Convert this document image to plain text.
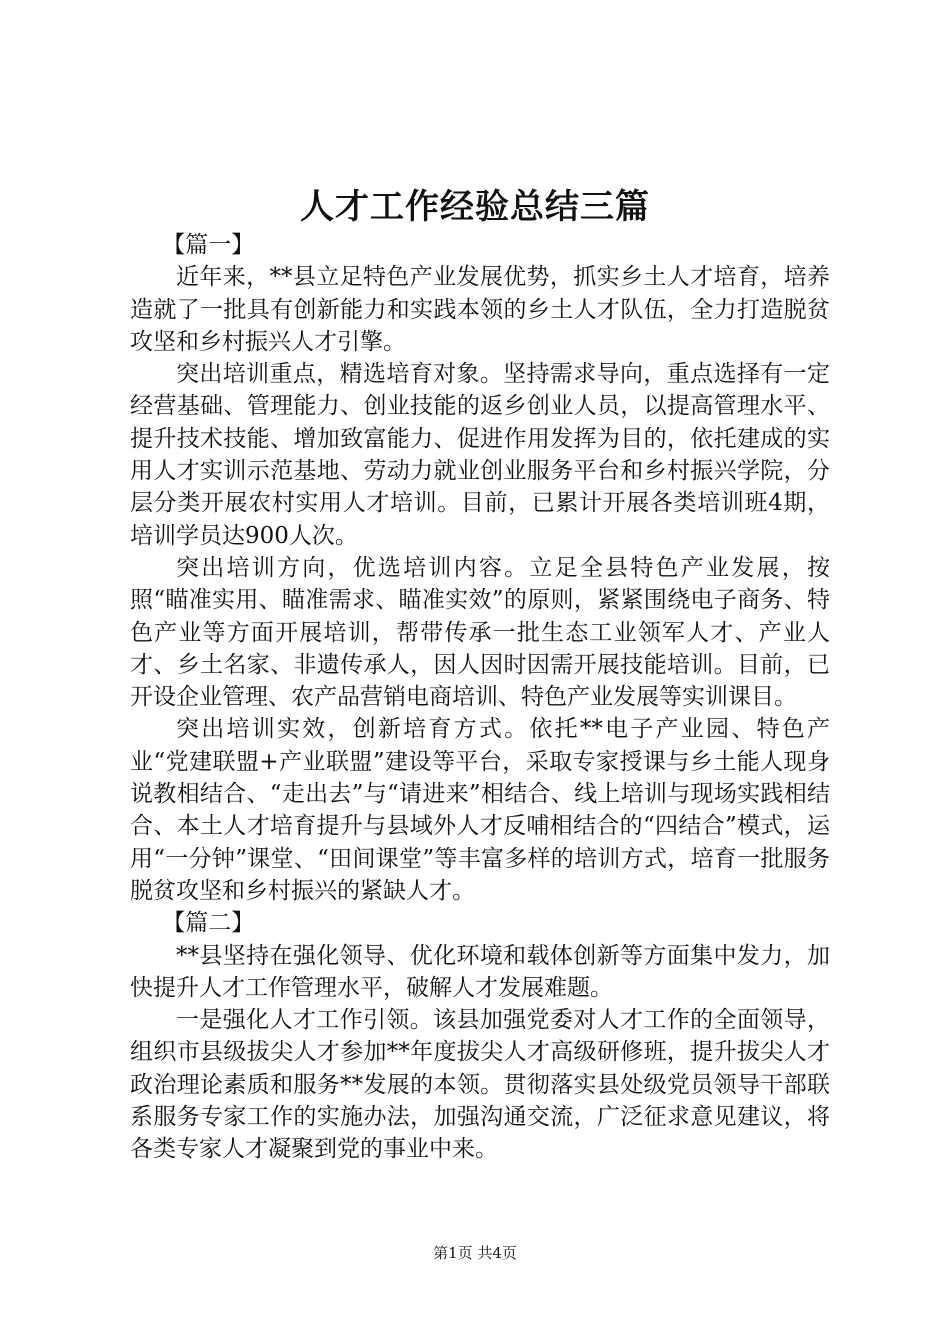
人才工作经验总结三篇

【篇一】

近年来，**县立足特色产业发展优势，抓实乡土人才培育，培养造就了一批具有创新能力和实践本领的乡土人才队伍，全力打造脱贫攻坚和乡村振兴人才引擎。

突出培训重点，精选培育对象。坚持需求导向，重点选择有一定经营基础、管理能力、创业技能的返乡创业人员，以提高管理水平、提升技术技能、增加致富能力、促进作用发挥为目的，依托建成的实用人才实训示范基地、劳动力就业创业服务平台和乡村振兴学院，分层分类开展农村实用人才培训。目前，已累计开展各类培训班4期，培训学员达900人次。

突出培训方向，优选培训内容。立足全县特色产业发展，按照“瞄准实用、瞄准需求、瞄准实效”的原则，紧紧围绕电子商务、特色产业等方面开展培训，帮带传承一批生态工业领军人才、产业人才、乡土名家、非遗传承人，因人因时因需开展技能培训。目前，已开设企业管理、农产品营销电商培训、特色产业发展等实训课目。

突出培训实效，创新培育方式。依托**电子产业园、特色产业“党建联盟+产业联盟”建设等平台，采取专家授课与乡土能人现身说教相结合、“走出去”与“请进来”相结合、线上培训与现场实践相结合、本土人才培育提升与县域外人才反哺相结合的“四结合”模式，运用“一分钟”课堂、“田间课堂”等丰富多样的培训方式，培育一批服务脱贫攻坚和乡村振兴的紧缺人才。

【篇二】

**县坚持在强化领导、优化环境和载体创新等方面集中发力，加快提升人才工作管理水平，破解人才发展难题。

一是强化人才工作引领。该县加强党委对人才工作的全面领导，组织市县级拔尖人才参加**年度拔尖人才高级研修班，提升拔尖人才政治理论素质和服务**发展的本领。贯彻落实县处级党员领导干部联系服务专家工作的实施办法，加强沟通交流，广泛征求意见建议，将各类专家人才凝聚到党的事业中来。

第1页 共4页
